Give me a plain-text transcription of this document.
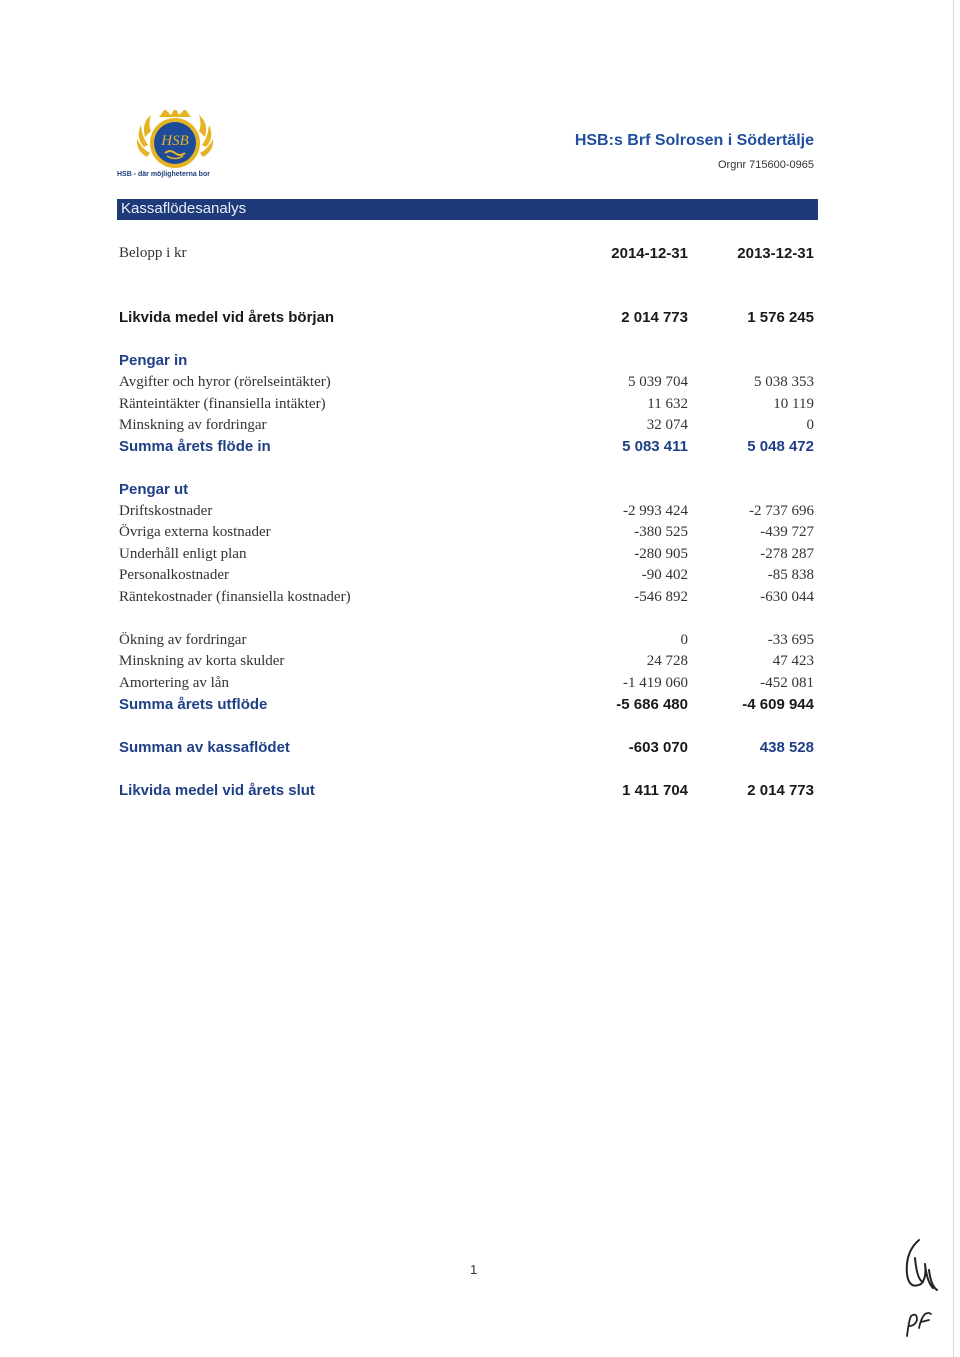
HSB
HSB - där möjligheterna bor
HSB:s Brf Solrosen i Södertälje
Orgnr 715600-0965
Kassaflödesanalys
Belopp i kr	2014-12-31	2013-12-31
Likvida medel vid årets början	2 014 773	1 576 245
Pengar in
Avgifter och hyror (rörelseintäkter)	5 039 704	5 038 353
Ränteintäkter (finansiella intäkter)	11 632	10 119
Minskning av fordringar	32 074	0
Summa årets flöde in	5 083 411	5 048 472
Pengar ut
Driftskostnader	-2 993 424	-2 737 696
Övriga externa kostnader	-380 525	-439 727
Underhåll enligt plan	-280 905	-278 287
Personalkostnader	-90 402	-85 838
Räntekostnader (finansiella kostnader)	-546 892	-630 044
Ökning av fordringar	0	-33 695
Minskning av korta skulder	24 728	47 423
Amortering av lån	-1 419 060	-452 081
Summa årets utflöde	-5 686 480	-4 609 944
Summan av kassaflödet	-603 070	438 528
Likvida medel vid årets slut	1 411 704	2 014 773
1
